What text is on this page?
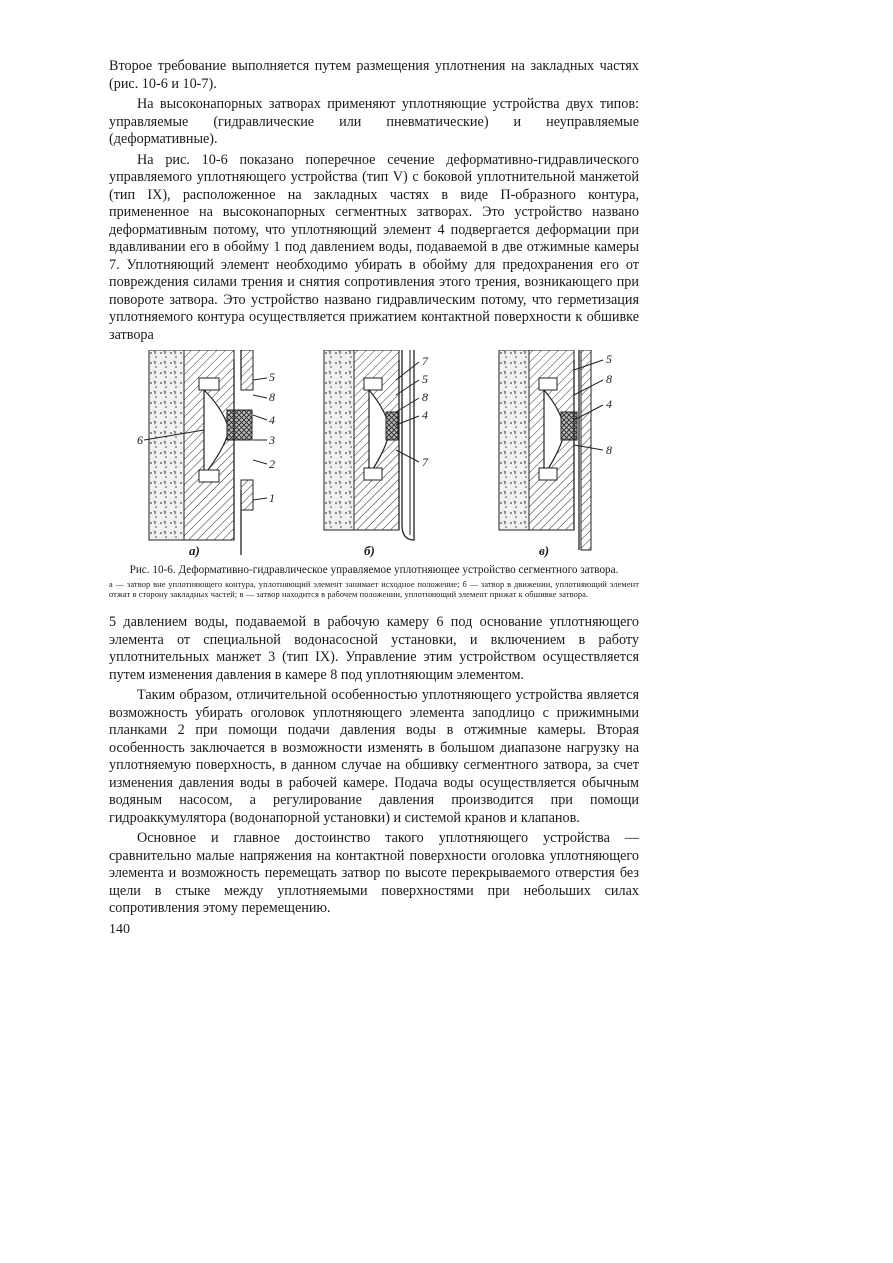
Второе требование выполняется путем размещения уплотнения на закладных частях (рис. 10-6 и 10-7).

На высоконапорных затворах применяют уплотняющие устройства двух типов: управляемые (гидравлические или пневматические) и неуправляемые (деформативные).

На рис. 10-6 показано поперечное сечение деформативно-гидравлического управляемого уплотняющего устройства (тип V) с боковой уплотнительной манжетой (тип IX), расположенное на закладных частях в виде П-образного контура, примененное на высоконапорных сегментных затворах. Это устройство названо деформативным потому, что уплотняющий элемент 4 подвергается деформации при вдавливании его в обойму 1 под давлением воды, подаваемой в две отжимные камеры 7. Уплотняющий элемент необходимо убирать в обойму для предохранения его от повреждения силами трения и снятия сопротивления этого трения, возникающего при повороте затвора. Это устройство названо гидравлическим потому, что герметизация уплотняемого контура осуществляется прижатием контактной поверхности к обшивке затвора

5
8
4
3
2
1
6
а)
7
5
8
4
7
б)
5
8
4
8
в)
Рис. 10-6. Деформативно-гидравлическое управляемое уплотняющее устройство сегментного затвора.
а — затвор вне уплотняющего контура, уплотняющий элемент занимает исходное положение; б — затвор в движении, уплотняющий элемент отжат в сторону закладных частей; в — затвор находится в рабочем положении, уплотняющий элемент прижат к обшивке затвора.

5 давлением воды, подаваемой в рабочую камеру 6 под основание уплотняющего элемента от специальной водонасосной установки, и включением в работу уплотнительных манжет 3 (тип IX). Управление этим устройством осуществляется путем изменения давления в камере 8 под уплотняющим элементом.

Таким образом, отличительной особенностью уплотняющего устройства является возможность убирать оголовок уплотняющего элемента заподлицо с прижимными планками 2 при помощи подачи давления воды в отжимные камеры. Вторая особенность заключается в возможности изменять в большом диапазоне нагрузку на уплотняемую поверхность, в данном случае на обшивку сегментного затвора, за счет изменения давления воды в рабочей камере. Подача воды осуществляется обычным водяным насосом, а регулирование давления производится при помощи гидроаккумулятора (водонапорной установки) и системой кранов и клапанов.

Основное и главное достоинство такого уплотняющего устройства — сравнительно малые напряжения на контактной поверхности оголовка уплотняющего элемента и возможность перемещать затвор по высоте перекрываемого отверстия без щели в стыке между уплотняемыми поверхностями при небольших силах сопротивления этому перемещению.

140
